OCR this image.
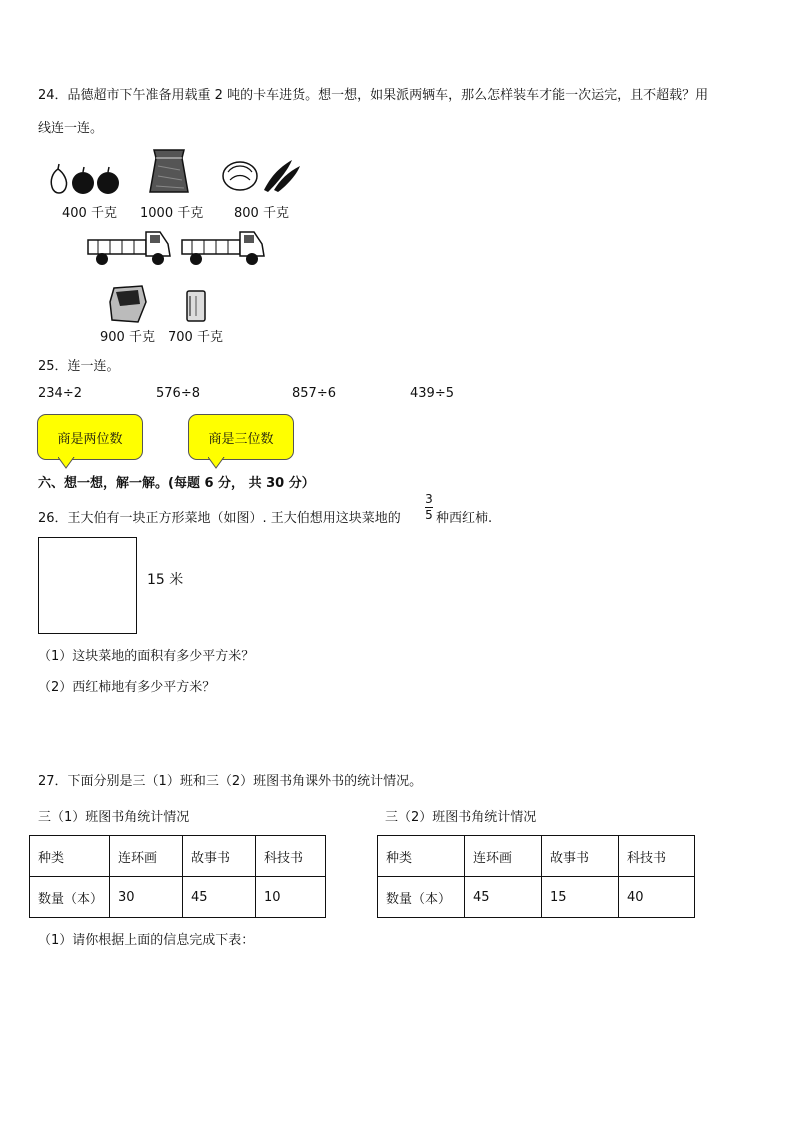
24．品德超市下午准备用载重 2 吨的卡车进货。想一想，如果派两辆车，那么怎样装车才能一次运完，且不超载？用
线连一连。
400 千克 1000 千克 800 千克
900 千克 700 千克
25．连一连。
234÷2	576÷8	857÷6	439÷5
商是两位数	商是三位数
六、想一想，解一解。(每题 6 分， 共 30 分）
26．王大伯有一块正方形菜地（如图）. 王大伯想用这块菜地的
3
5 种西红柿.
15 米
（1）这块菜地的面积有多少平方米？
（2）西红柿地有多少平方米？
27．下面分别是三（1）班和三（2）班图书角课外书的统计情况。
三（1）班图书角统计情况	三（2）班图书角统计情况
种类	连环画	故事书	科技书
数量（本）	30	45	10
种类	连环画	故事书	科技书
数量（本）	45	15	40
（1）请你根据上面的信息完成下表：
